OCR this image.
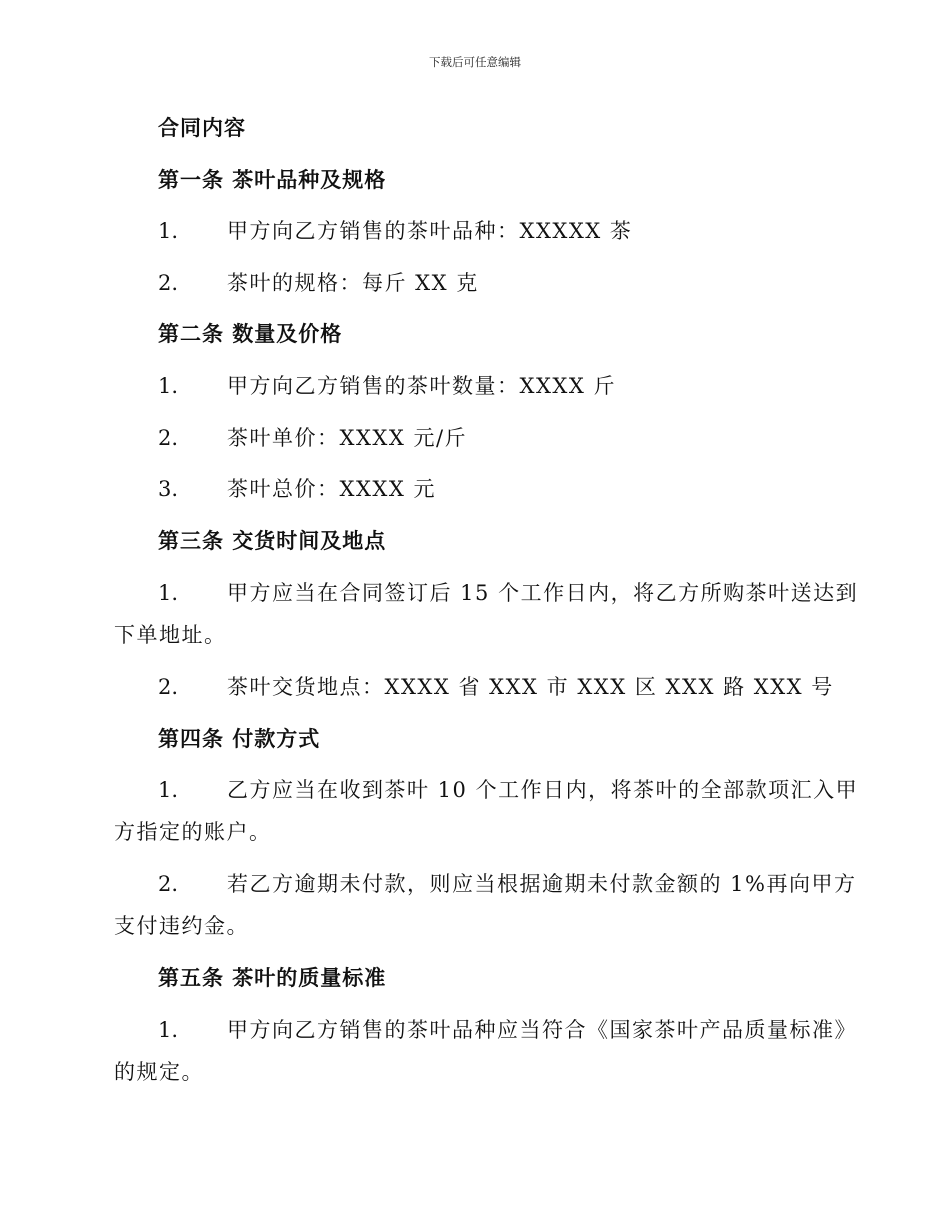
下载后可任意编辑
合同内容
第一条 茶叶品种及规格
1.	甲方向乙方销售的茶叶品种：XXXXX 茶
2.	茶叶的规格：每斤 XX 克
第二条 数量及价格
1.	甲方向乙方销售的茶叶数量：XXXX 斤
2.	茶叶单价：XXXX 元/斤
3.	茶叶总价：XXXX 元
第三条 交货时间及地点
1.	甲方应当在合同签订后 15 个工作日内，将乙方所购茶叶送达到
下单地址。
2.	茶叶交货地点：XXXX 省 XXX 市 XXX 区 XXX 路 XXX 号
第四条 付款方式
1.	乙方应当在收到茶叶 10 个工作日内，将茶叶的全部款项汇入甲
方指定的账户。
2.	若乙方逾期未付款，则应当根据逾期未付款金额的 1%再向甲方
支付违约金。
第五条 茶叶的质量标准
1.	甲方向乙方销售的茶叶品种应当符合《国家茶叶产品质量标准》
的规定。
